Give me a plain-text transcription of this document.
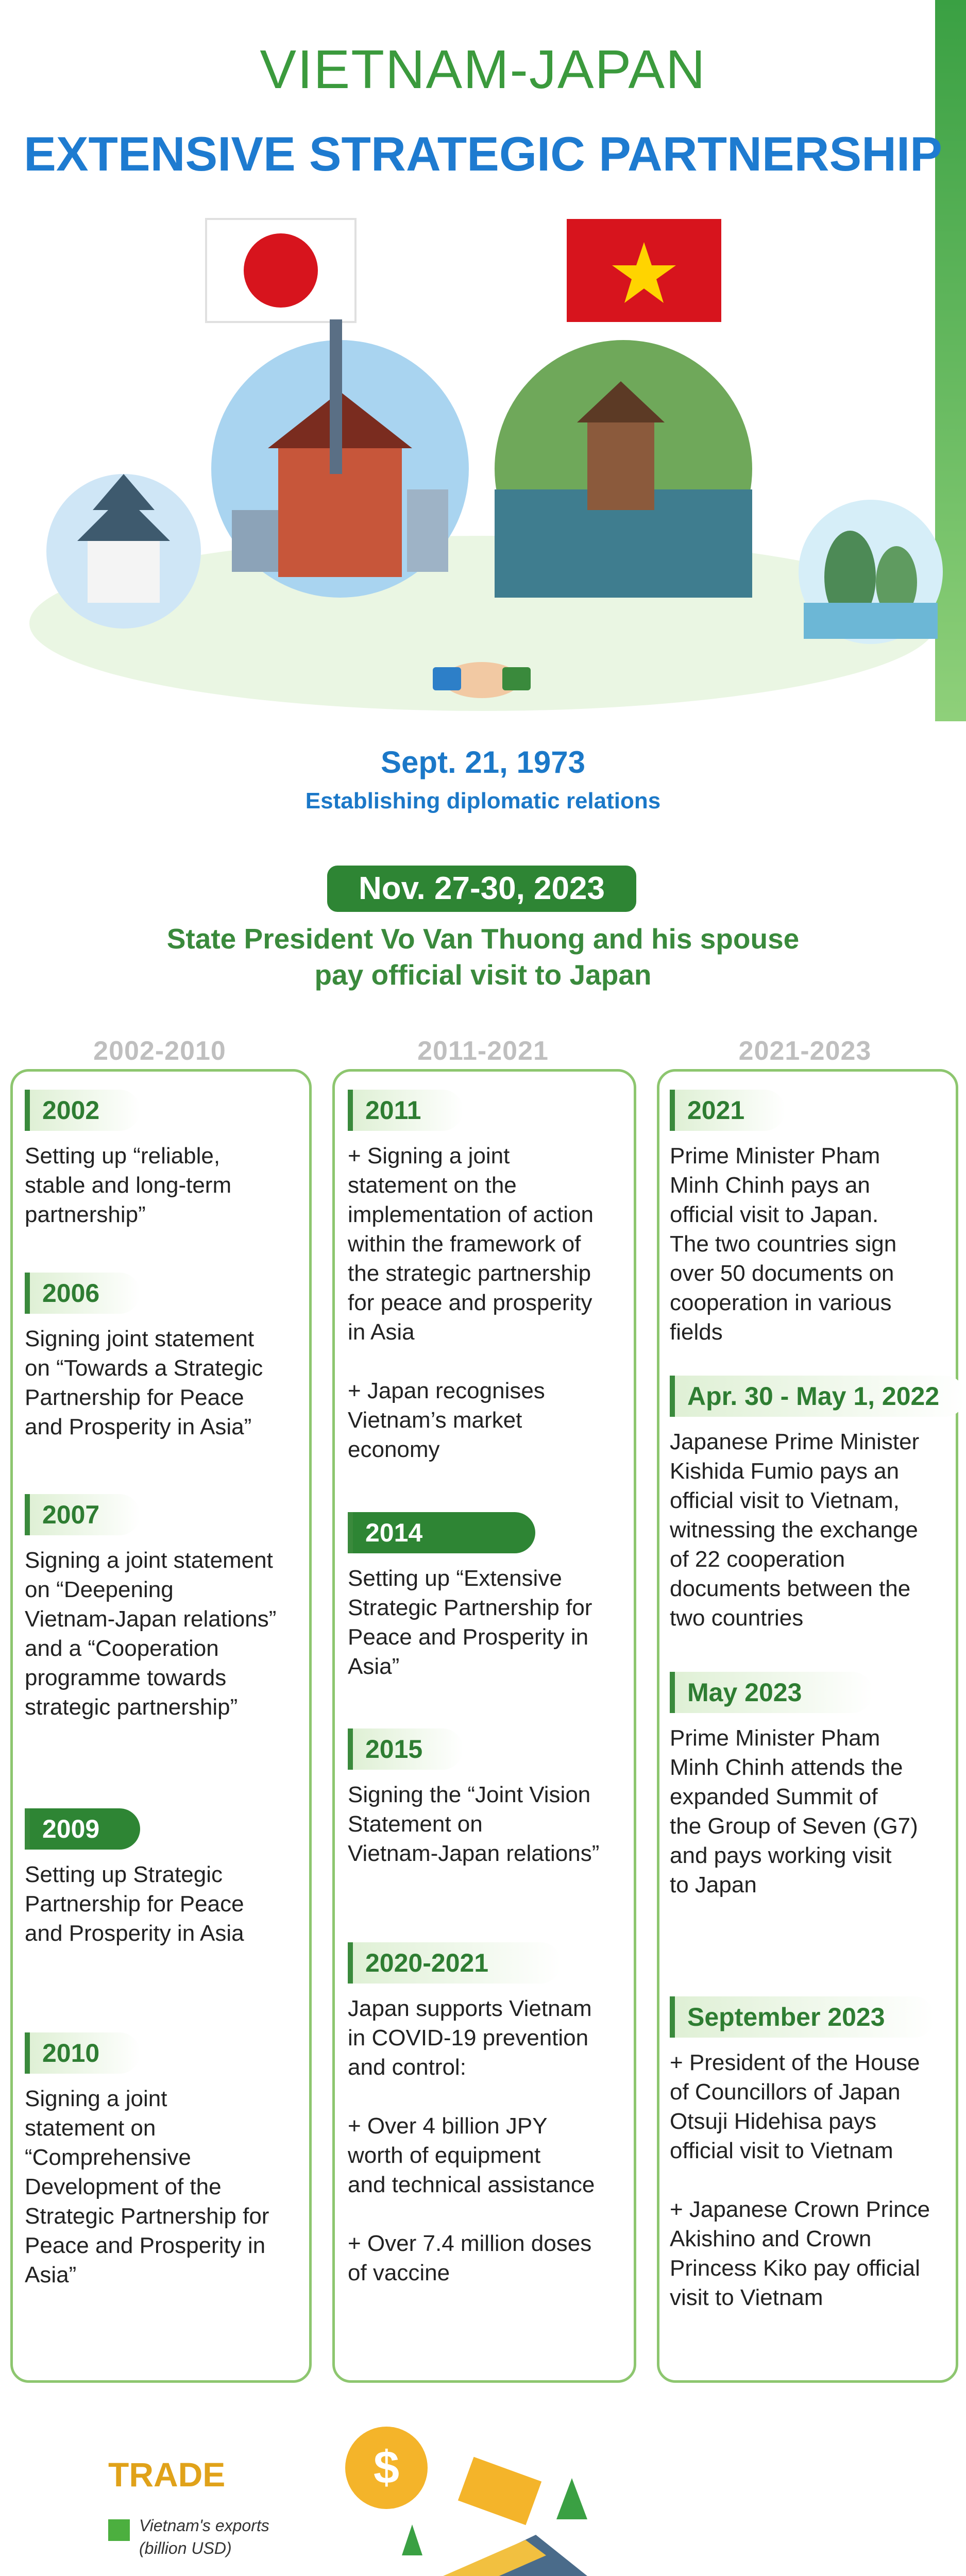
VIETNAM-JAPAN
EXTENSIVE STRATEGIC PARTNERSHIP
Sept. 21, 1973
Establishing diplomatic relations
Nov. 27-30, 2023
State President Vo Van Thuong and his spouse
pay official visit to Japan
2002-2010	2011-2021	2021-2023
2002
Setting up “reliable,
stable and long-term
partnership”
2006
Signing joint statement
on “Towards a Strategic
Partnership for Peace
and Prosperity in Asia”
2007
Signing a joint statement
on “Deepening
Vietnam-Japan relations”
and a “Cooperation
programme towards
strategic partnership”
2009
Setting up Strategic
Partnership for Peace
and Prosperity in Asia
2010
Signing a joint
statement on
“Comprehensive
Development of the
Strategic Partnership for
Peace and Prosperity in
Asia”
2011
+ Signing a joint
statement on the
implementation of action
within the framework of
the strategic partnership
for peace and prosperity
in Asia

+ Japan recognises
Vietnam’s market
economy
2014
Setting up “Extensive
Strategic Partnership for
Peace and Prosperity in
Asia”
2015
Signing the “Joint Vision
Statement on
Vietnam-Japan relations”
2020-2021
Japan supports Vietnam
in COVID-19 prevention
and control:

+ Over 4 billion JPY
worth of equipment
and technical assistance

+ Over 7.4 million doses
of vaccine
2021
Prime Minister Pham
Minh Chinh pays an
official visit to Japan.
The two countries sign
over 50 documents on
cooperation in various
fields
Apr. 30 - May 1, 2022
Japanese Prime Minister
Kishida Fumio pays an
official visit to Vietnam,
witnessing the exchange
of 22 cooperation
documents between the
two countries
May 2023
Prime Minister Pham
Minh Chinh attends the
expanded Summit of
the Group of Seven (G7)
and pays working visit
to Japan
September 2023
+ President of the House
of Councillors of Japan
Otsuji Hidehisa pays
official visit to Vietnam

+ Japanese Crown Prince
Akishino and Crown
Princess Kiko pay official
visit to Vietnam
TRADE
Vietnam's exports
(billion USD)
$
